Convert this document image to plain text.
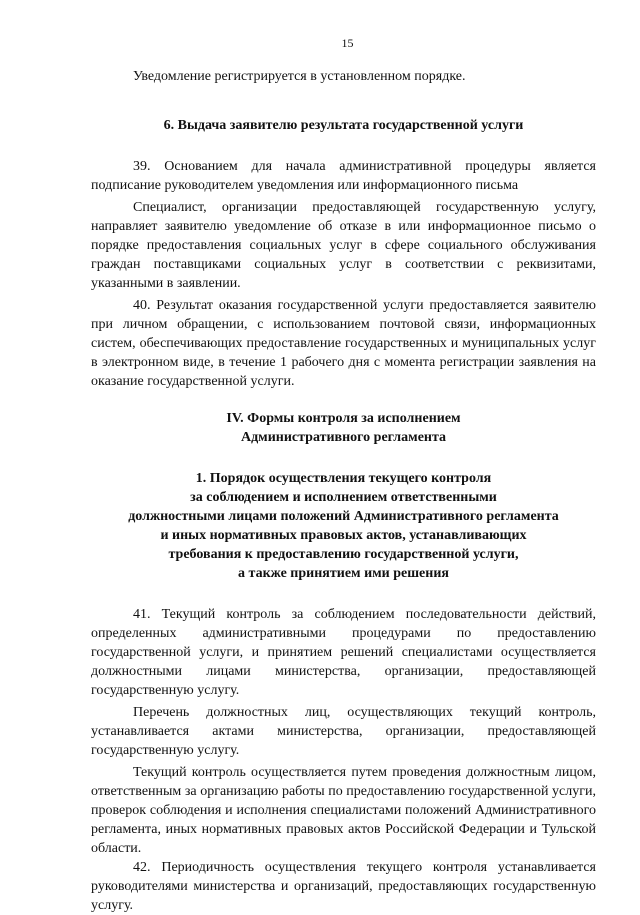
15

Уведомление регистрируется в установленном порядке.

6. Выдача заявителю результата государственной услуги

39. Основанием для начала административной процедуры является подписание руководителем уведомления или информационного письма

Специалист, организации предоставляющей государственную услугу, направляет заявителю уведомление об отказе в или информационное письмо о порядке предоставления социальных услуг в сфере социального обслуживания граждан поставщиками социальных услуг в соответствии с реквизитами, указанными в заявлении.

40. Результат оказания государственной услуги предоставляется заявителю при личном обращении, с использованием почтовой связи, информационных систем, обеспечивающих предоставление государственных и муниципальных услуг в электронном виде, в течение 1 рабочего дня с момента регистрации заявления на оказание государственной услуги.

IV. Формы контроля за исполнением
Административного регламента
1. Порядок осуществления текущего контроля
за соблюдением и исполнением ответственными
должностными лицами положений Административного регламента
и иных нормативных правовых актов, устанавливающих
требования к предоставлению государственной услуги,
а также принятием ими решения

41. Текущий контроль за соблюдением последовательности действий, определенных административными процедурами по предоставлению государственной услуги, и принятием решений специалистами осуществляется должностными лицами министерства, организации, предоставляющей государственную услугу.

Перечень должностных лиц, осуществляющих текущий контроль, устанавливается актами министерства, организации, предоставляющей государственную услугу.

Текущий контроль осуществляется путем проведения должностным лицом, ответственным за организацию работы по предоставлению государственной услуги, проверок соблюдения и исполнения специалистами положений Административного регламента, иных нормативных правовых актов Российской Федерации и Тульской области.

42. Периодичность осуществления текущего контроля устанавливается руководителями министерства и организаций, предоставляющих государственную услугу.
